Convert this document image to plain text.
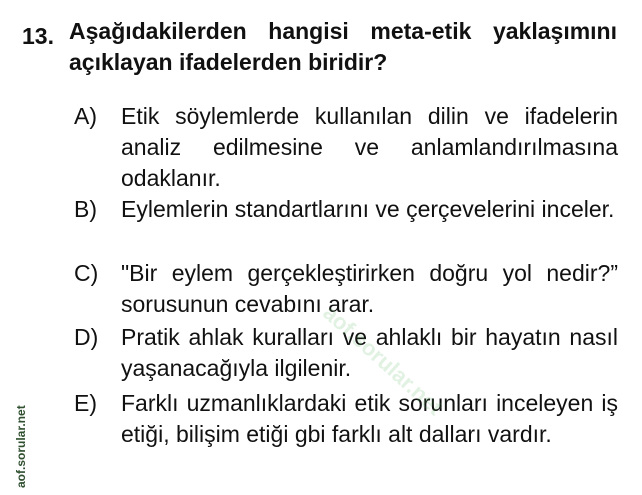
13. Aşağıdakilerden hangisi meta-etik yaklaşımını açıklayan ifadelerden biridir?
A) Etik söylemlerde kullanılan dilin ve ifadelerin analiz edilmesine ve anlamlandırılmasına odaklanır.
B) Eylemlerin standartlarını ve çerçevelerini inceler.
C) "Bir eylem gerçekleştirirken doğru yol nedir?” sorusunun cevabını arar.
D) Pratik ahlak kuralları ve ahlaklı bir hayatın nasıl yaşanacağıyla ilgilenir.
E) Farklı uzmanlıklardaki etik sorunları inceleyen iş etiği, bilişim etiği gbi farklı alt dalları vardır.
aof.sorular.net
aof.sorular.net
